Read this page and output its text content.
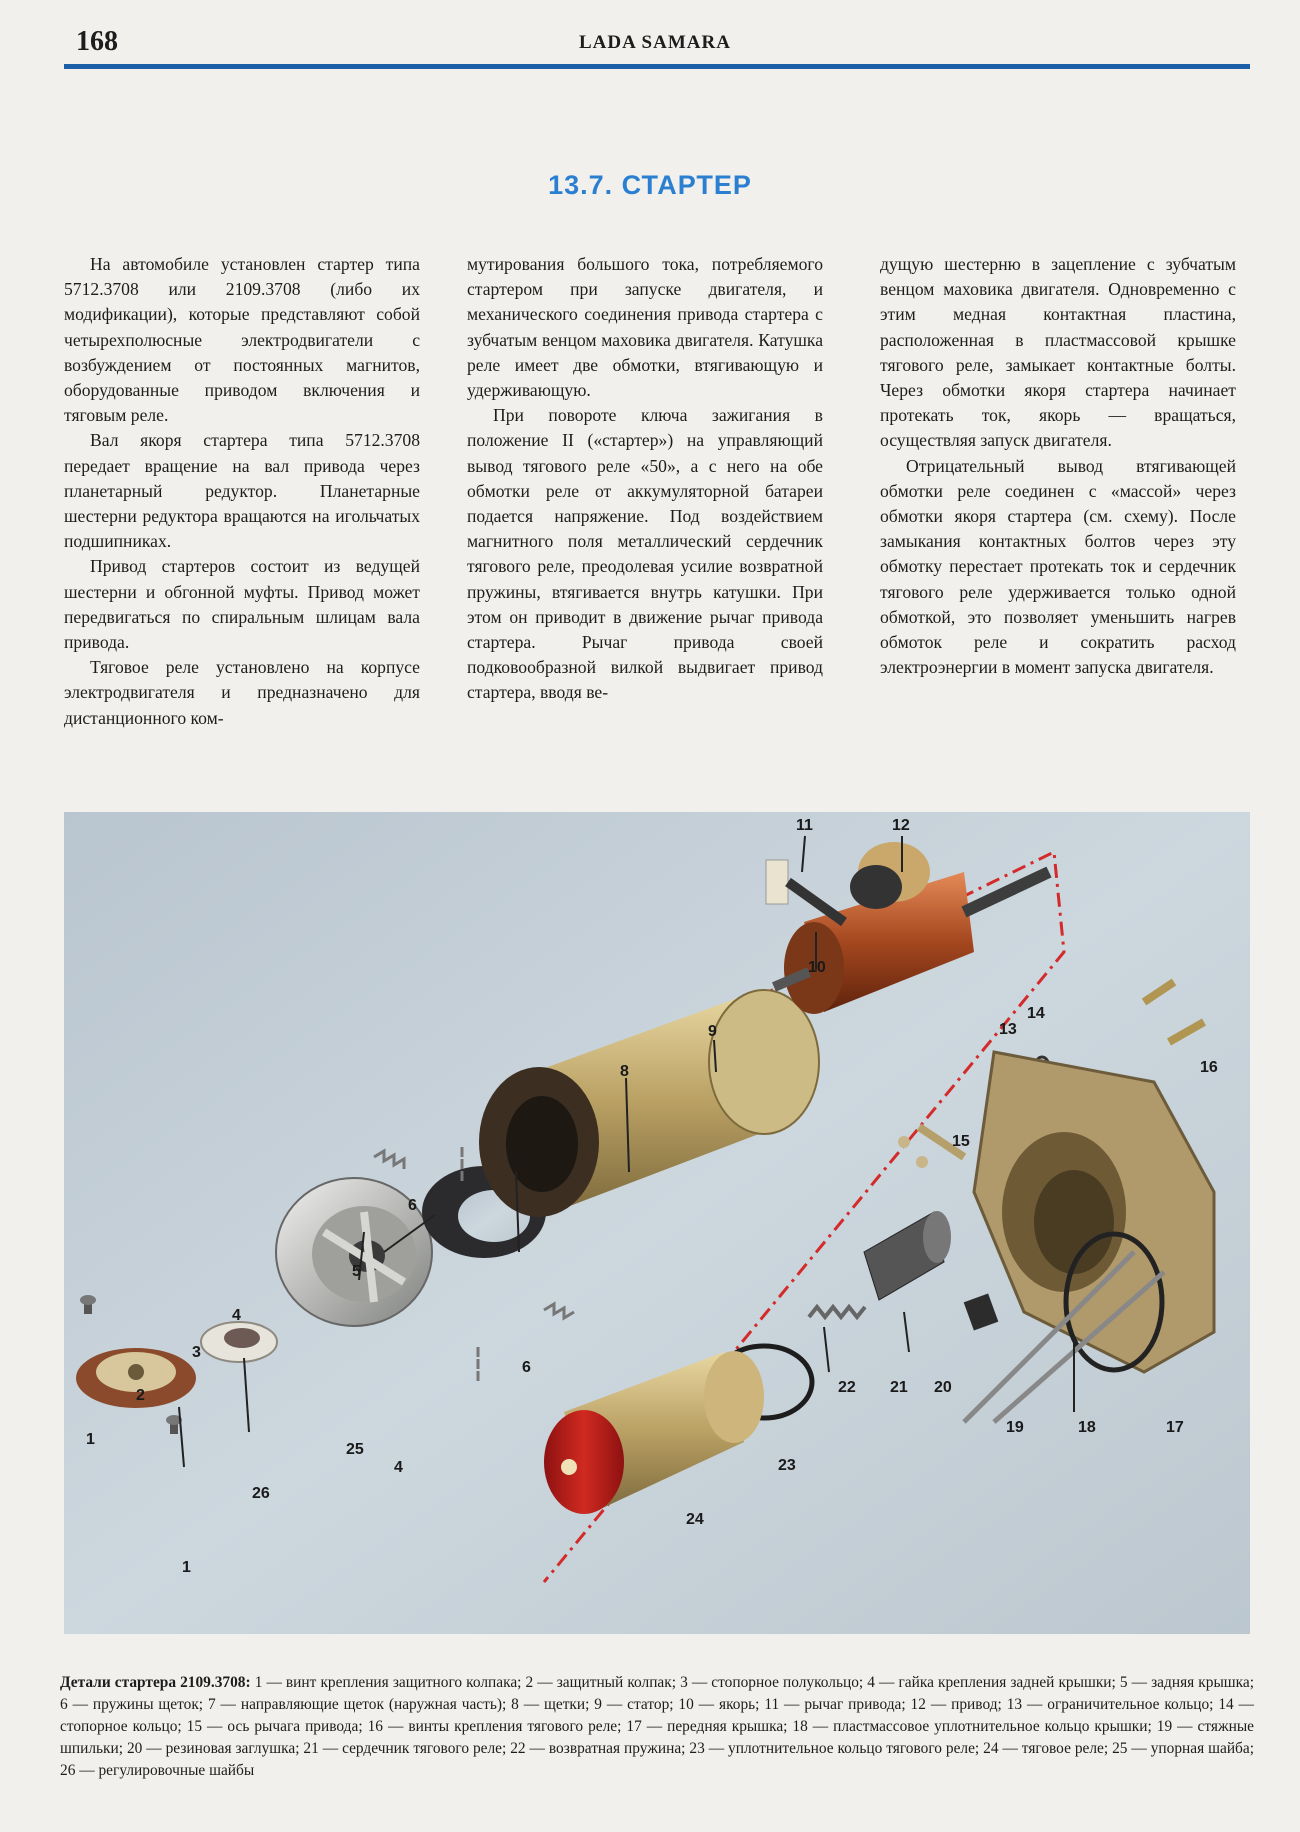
168	LADA SAMARA
13.7. СТАРТЕР

На автомобиле установлен стартер типа 5712.3708 или 2109.3708 (либо их модификации), которые представляют собой четырехполюсные электродвигатели с возбуждением от постоянных магнитов, оборудованные приводом включения и тяговым реле.

Вал якоря стартера типа 5712.3708 передает вращение на вал привода через планетарный редуктор. Планетарные шестерни редуктора вращаются на игольчатых подшипниках.

Привод стартеров состоит из ведущей шестерни и обгонной муфты. Привод может передвигаться по спиральным шлицам вала привода.

Тяговое реле установлено на корпусе электродвигателя и предназначено для дистанционного ком-

мутирования большого тока, потребляемого стартером при запуске двигателя, и механического соединения привода стартера с зубчатым венцом маховика двигателя. Катушка реле имеет две обмотки, втягивающую и удерживающую.

При повороте ключа зажигания в положение II («стартер») на управляющий вывод тягового реле «50», а с него на обе обмотки реле от аккумуляторной батареи подается напряжение. Под воздействием магнитного поля металлический сердечник тягового реле, преодолевая усилие возвратной пружины, втягивается внутрь катушки. При этом он приводит в движение рычаг привода стартера. Рычаг привода своей подковообразной вилкой выдвигает привод стартера, вводя ве-

дущую шестерню в зацепление с зубчатым венцом маховика двигателя. Одновременно с этим медная контактная пластина, расположенная в пластмассовой крышке тягового реле, замыкает контактные болты. Через обмотки якоря стартера начинает протекать ток, якорь — вращаться, осуществляя запуск двигателя.

Отрицательный вывод втягивающей обмотки реле соединен с «массой» через обмотки якоря стартера (см. схему). После замыкания контактных болтов через эту обмотку перестает протекать ток и сердечник тягового реле удерживается только одной обмоткой, это позволяет уменьшить нагрев обмоток реле и сократить расход электроэнергии в момент запуска двигателя.

11	12
10
9
8
14
13
16
15
7
6
5
4
3
2
1
25
26
6
4
1
22 21 20
19	18	17
23
24
Детали стартера 2109.3708: 1 — винт крепления защитного колпака; 2 — защитный колпак; 3 — стопорное полукольцо; 4 — гайка крепления задней крышки; 5 — задняя крышка; 6 — пружины щеток; 7 — направляющие щеток (наружная часть); 8 — щетки; 9 — статор; 10 — якорь; 11 — рычаг привода; 12 — привод; 13 — ограничительное кольцо; 14 — стопорное кольцо; 15 — ось рычага привода; 16 — винты крепления тягового реле; 17 — передняя крышка; 18 — пластмассовое уплотнительное кольцо крышки; 19 — стяжные шпильки; 20 — резиновая заглушка; 21 — сердечник тягового реле; 22 — возвратная пружина; 23 — уплотнительное кольцо тягового реле; 24 — тяговое реле; 25 — упорная шайба; 26 — регулировочные шайбы
